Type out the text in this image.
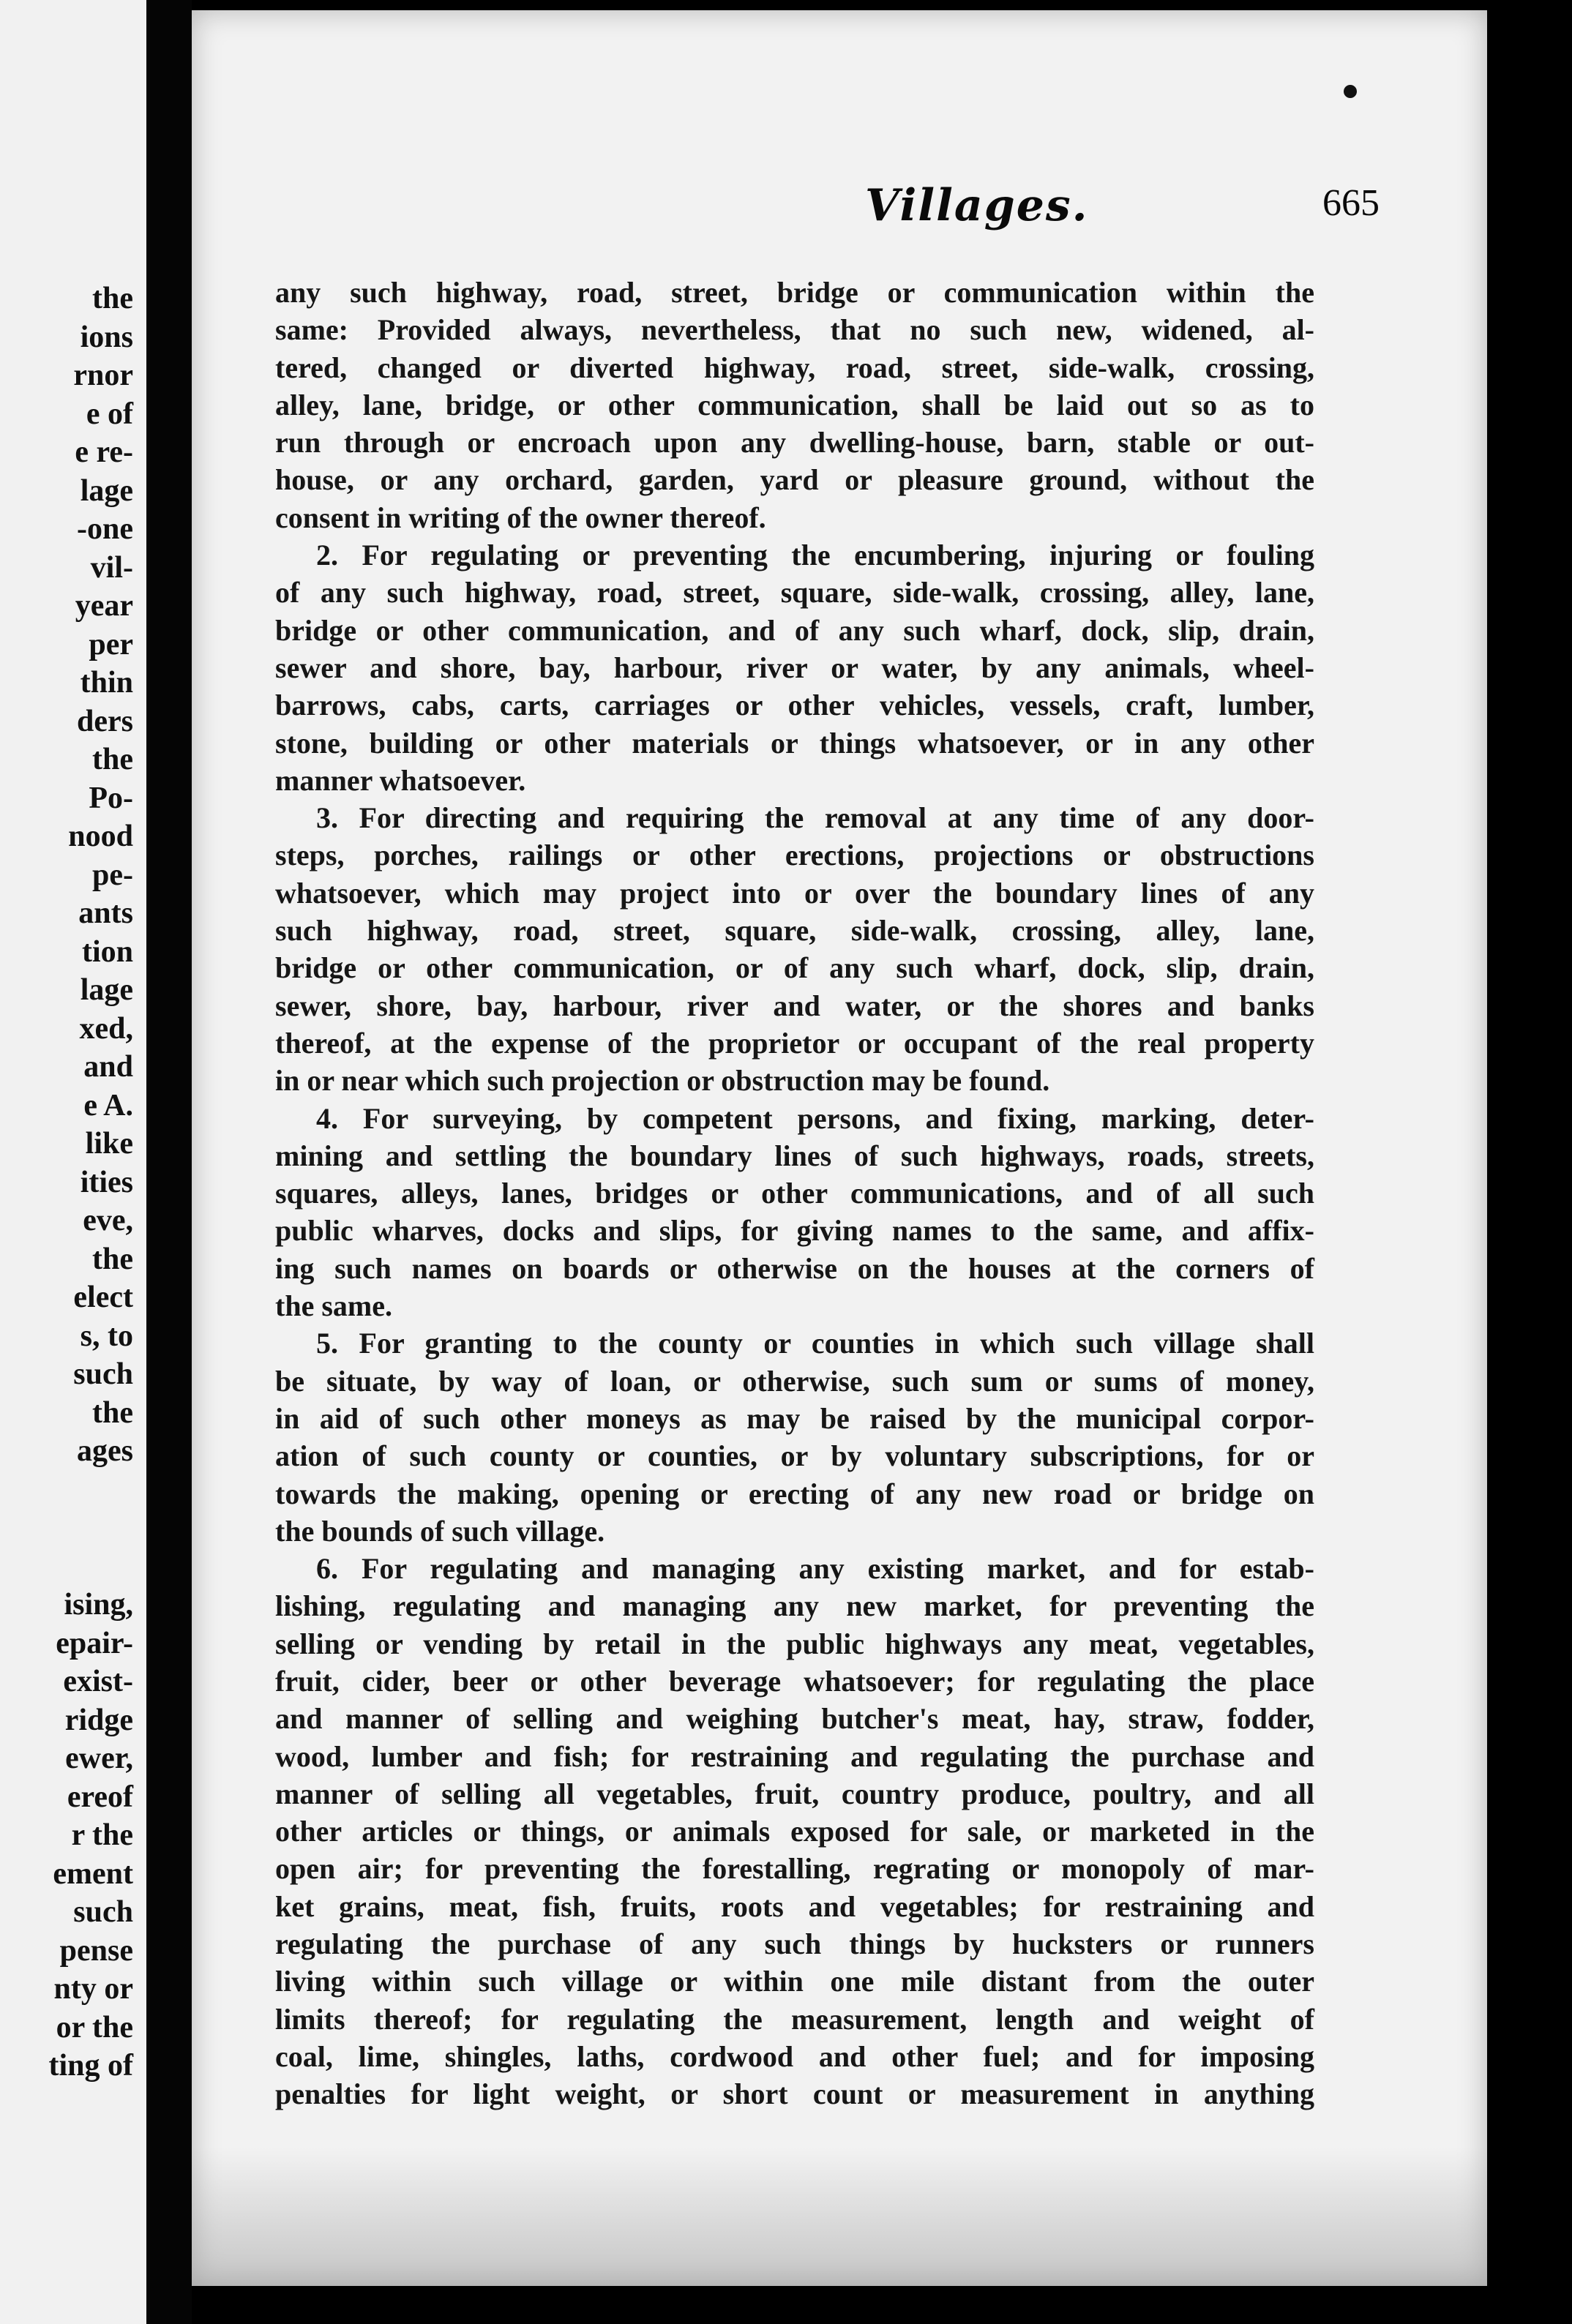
the
ions
rnor
e of
e re-
lage
-one
vil-
year
per
thin
ders
the
Po-
nood
pe-
ants
tion
lage
xed,
and
e A.
like
ities
eve,
the
elect
s, to
such
the
ages
ising,
epair-
exist-
ridge
ewer,
ereof
r the
ement
such
pense
nty or
or the
ting of
Villages.	665
any such highway, road, street, bridge or communication within the
same: Provided always, nevertheless, that no such new, widened, al-
tered, changed or diverted highway, road, street, side-walk, crossing,
alley, lane, bridge, or other communication, shall be laid out so as to
run through or encroach upon any dwelling-house, barn, stable or out-
house, or any orchard, garden, yard or pleasure ground, without the
consent in writing of the owner thereof.
2. For regulating or preventing the encumbering, injuring or fouling
of any such highway, road, street, square, side-walk, crossing, alley, lane,
bridge or other communication, and of any such wharf, dock, slip, drain,
sewer and shore, bay, harbour, river or water, by any animals, wheel-
barrows, cabs, carts, carriages or other vehicles, vessels, craft, lumber,
stone, building or other materials or things whatsoever, or in any other
manner whatsoever.
3. For directing and requiring the removal at any time of any door-
steps, porches, railings or other erections, projections or obstructions
whatsoever, which may project into or over the boundary lines of any
such highway, road, street, square, side-walk, crossing, alley, lane,
bridge or other communication, or of any such wharf, dock, slip, drain,
sewer, shore, bay, harbour, river and water, or the shores and banks
thereof, at the expense of the proprietor or occupant of the real property
in or near which such projection or obstruction may be found.
4. For surveying, by competent persons, and fixing, marking, deter-
mining and settling the boundary lines of such highways, roads, streets,
squares, alleys, lanes, bridges or other communications, and of all such
public wharves, docks and slips, for giving names to the same, and affix-
ing such names on boards or otherwise on the houses at the corners of
the same.
5. For granting to the county or counties in which such village shall
be situate, by way of loan, or otherwise, such sum or sums of money,
in aid of such other moneys as may be raised by the municipal corpor-
ation of such county or counties, or by voluntary subscriptions, for or
towards the making, opening or erecting of any new road or bridge on
the bounds of such village.
6. For regulating and managing any existing market, and for estab-
lishing, regulating and managing any new market, for preventing the
selling or vending by retail in the public highways any meat, vegetables,
fruit, cider, beer or other beverage whatsoever; for regulating the place
and manner of selling and weighing butcher's meat, hay, straw, fodder,
wood, lumber and fish; for restraining and regulating the purchase and
manner of selling all vegetables, fruit, country produce, poultry, and all
other articles or things, or animals exposed for sale, or marketed in the
open air; for preventing the forestalling, regrating or monopoly of mar-
ket grains, meat, fish, fruits, roots and vegetables; for restraining and
regulating the purchase of any such things by hucksters or runners
living within such village or within one mile distant from the outer
limits thereof; for regulating the measurement, length and weight of
coal, lime, shingles, laths, cordwood and other fuel; and for imposing
penalties for light weight, or short count or measurement in anything
